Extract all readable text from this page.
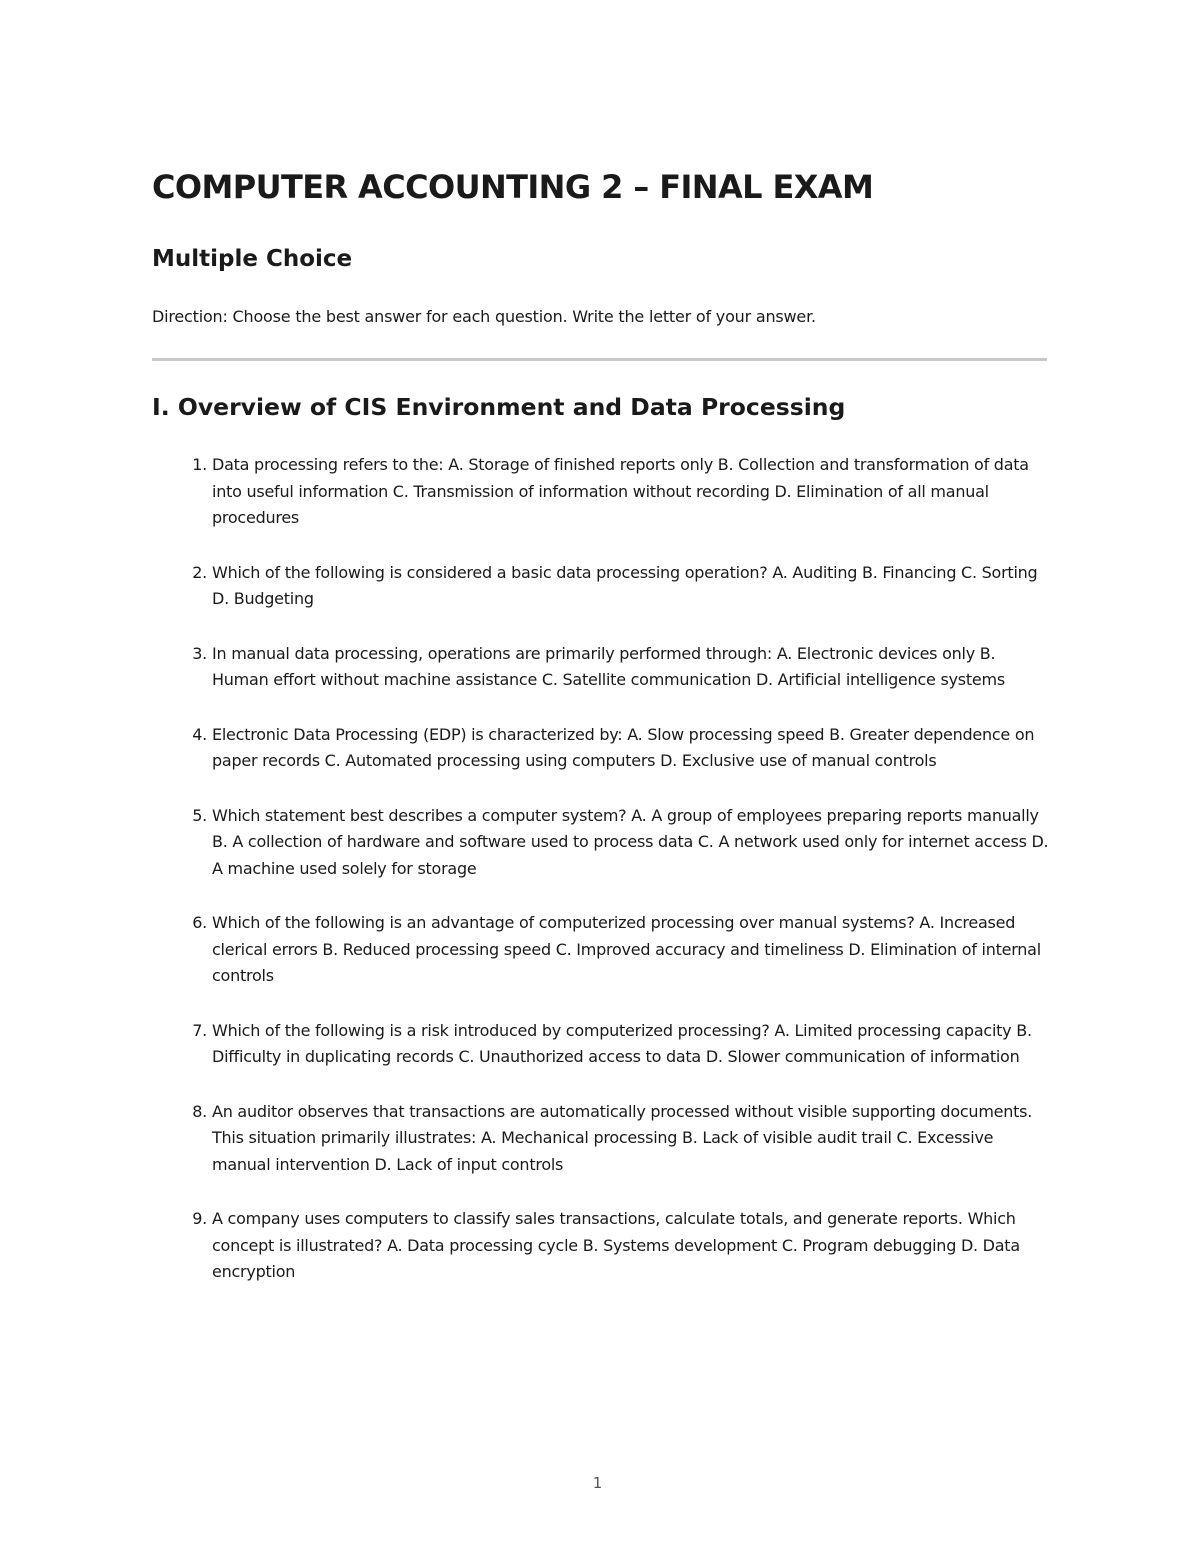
COMPUTER ACCOUNTING 2 – FINAL EXAM
Multiple Choice

Direction: Choose the best answer for each question. Write the letter of your answer.

I. Overview of CIS Environment and Data Processing
1. Data processing refers to the: A. Storage of finished reports only B. Collection and transformation of data into useful information C. Transmission of information without recording D. Elimination of all manual procedures
2. Which of the following is considered a basic data processing operation? A. Auditing B. Financing C. Sorting D. Budgeting
3. In manual data processing, operations are primarily performed through: A. Electronic devices only B. Human effort without machine assistance C. Satellite communication D. Artificial intelligence systems
4. Electronic Data Processing (EDP) is characterized by: A. Slow processing speed B. Greater dependence on paper records C. Automated processing using computers D. Exclusive use of manual controls
5. Which statement best describes a computer system? A. A group of employees preparing reports manually B. A collection of hardware and software used to process data C. A network used only for internet access D. A machine used solely for storage
6. Which of the following is an advantage of computerized processing over manual systems? A. Increased clerical errors B. Reduced processing speed C. Improved accuracy and timeliness D. Elimination of internal controls
7. Which of the following is a risk introduced by computerized processing? A. Limited processing capacity B. Difficulty in duplicating records C. Unauthorized access to data D. Slower communication of information
8. An auditor observes that transactions are automatically processed without visible supporting documents. This situation primarily illustrates: A. Mechanical processing B. Lack of visible audit trail C. Excessive manual intervention D. Lack of input controls
9. A company uses computers to classify sales transactions, calculate totals, and generate reports. Which concept is illustrated? A. Data processing cycle B. Systems development C. Program debugging D. Data encryption
1
